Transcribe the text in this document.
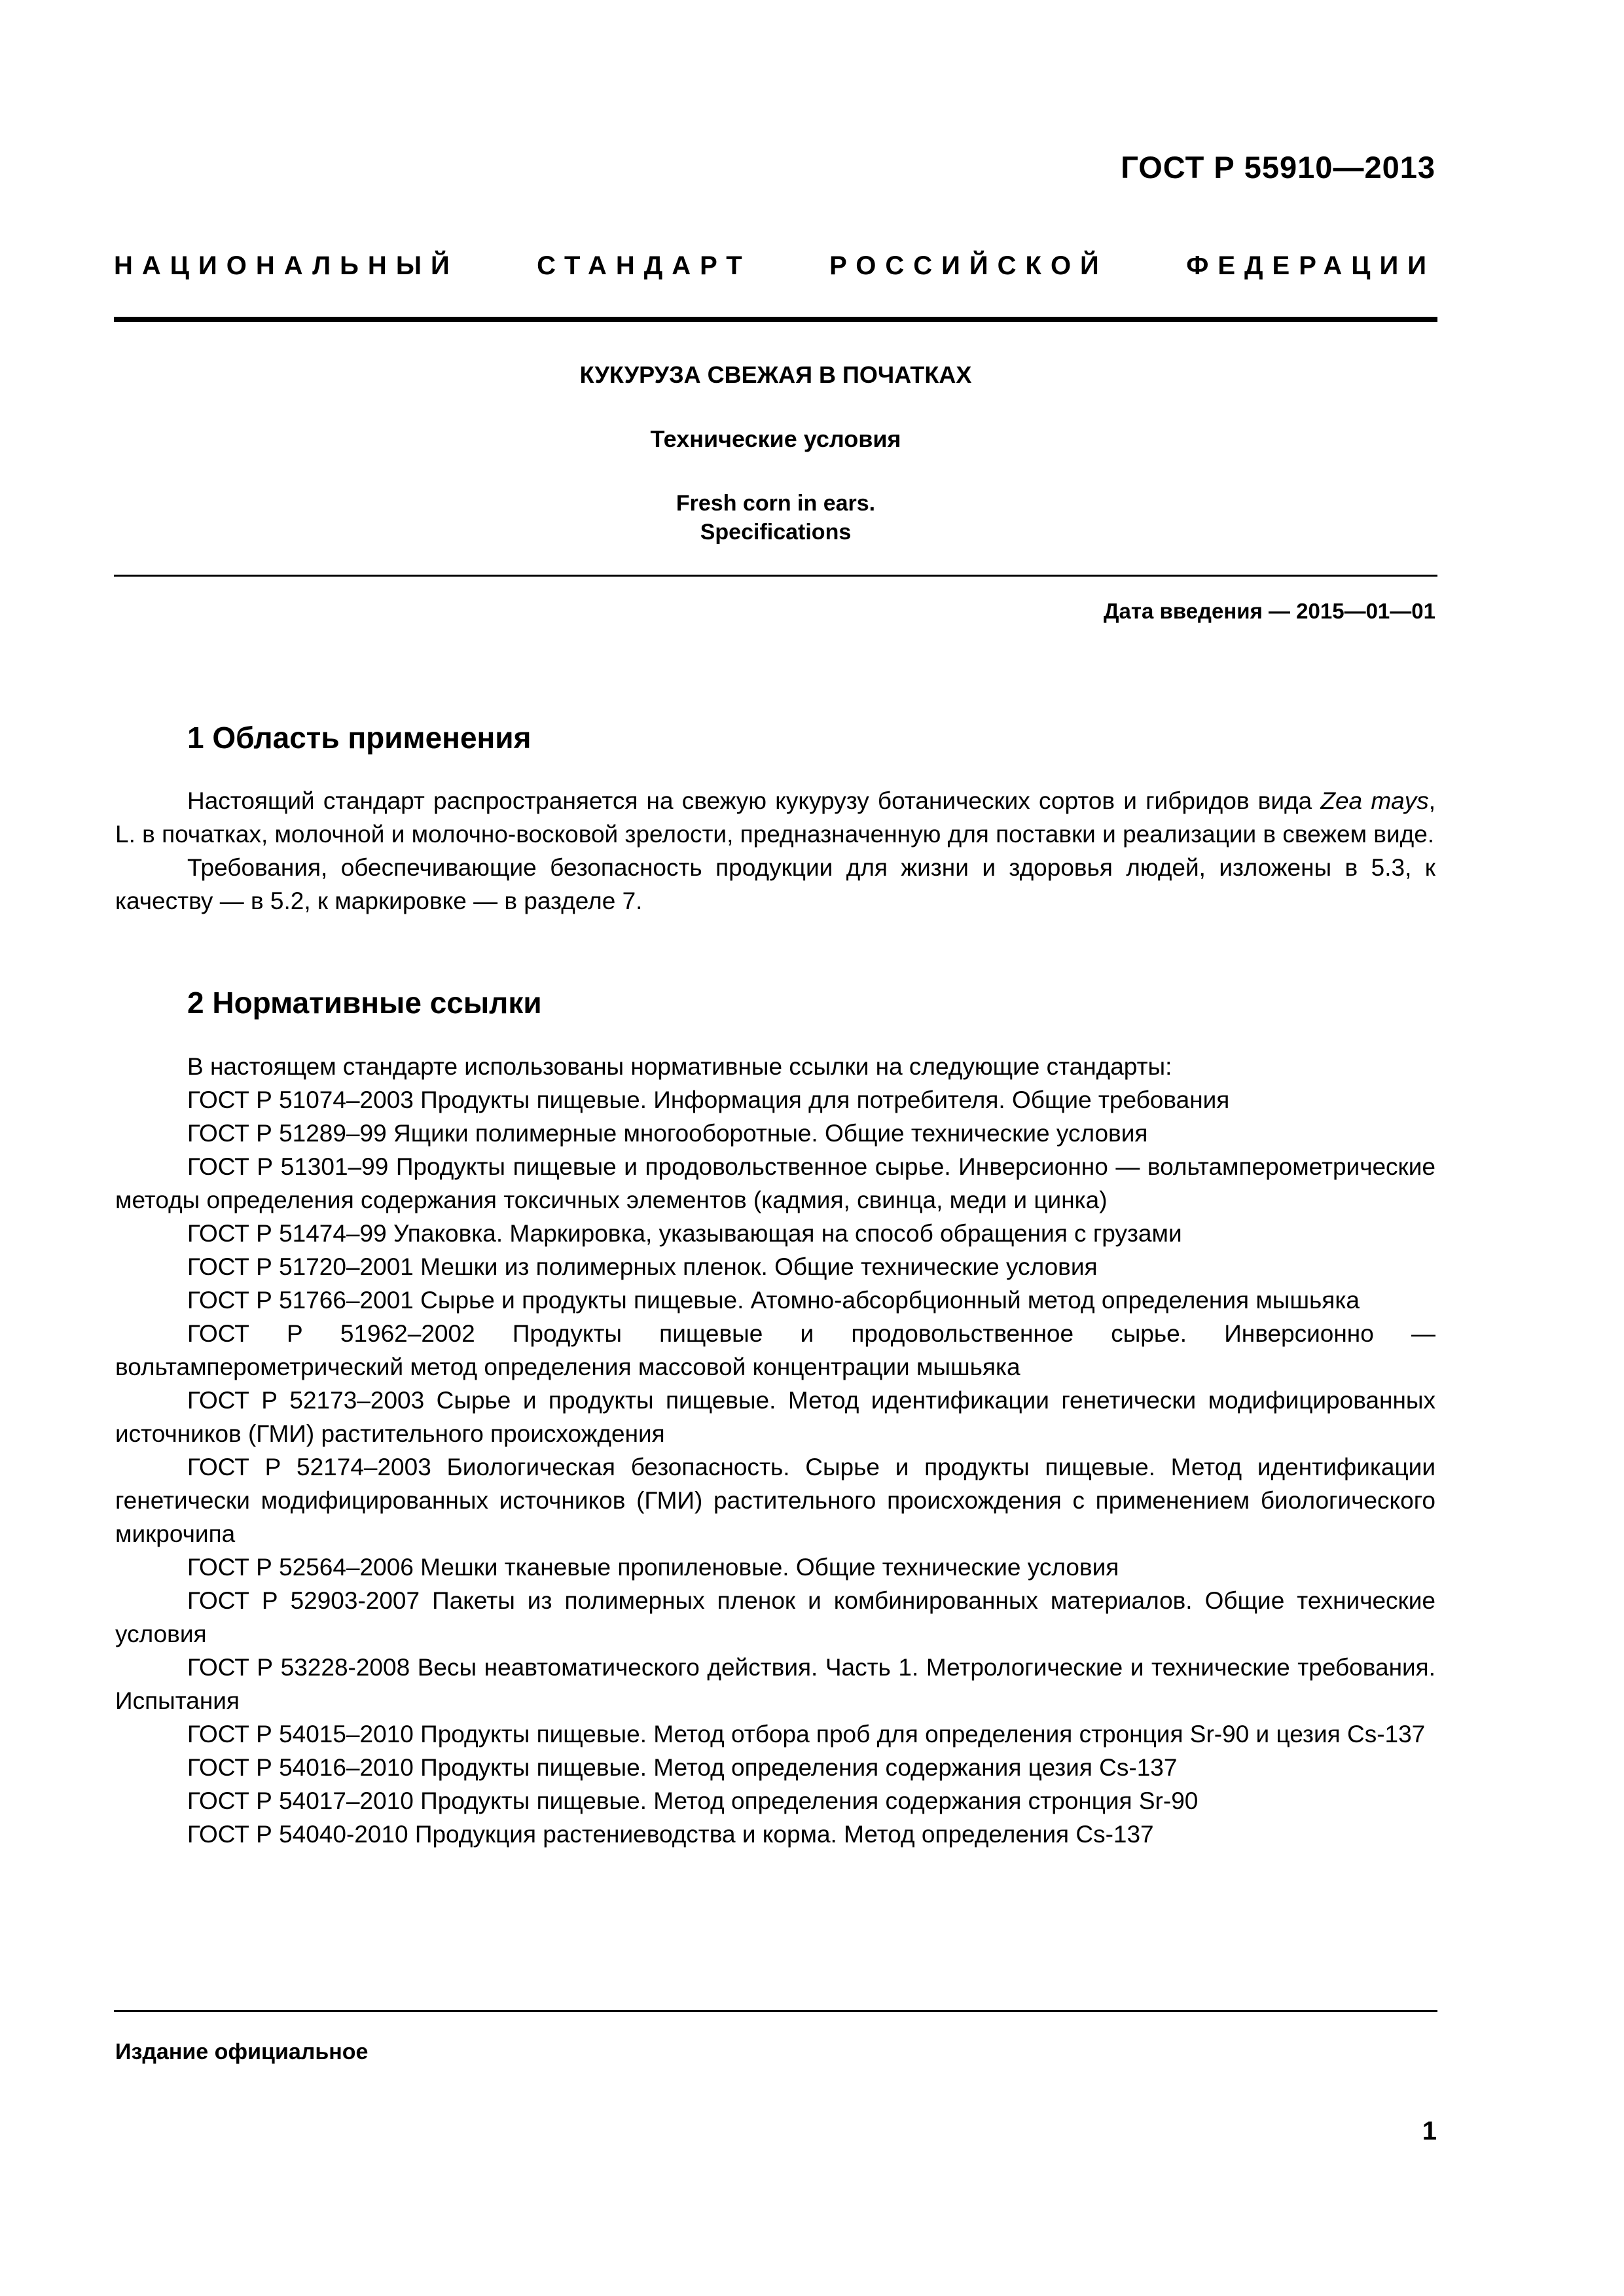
ГОСТ Р 55910—2013
НАЦИОНАЛЬНЫЙ СТАНДАРТ РОССИЙСКОЙ ФЕДЕРАЦИИ
КУКУРУЗА СВЕЖАЯ В ПОЧАТКАХ
Технические условия
Fresh corn in ears.
Specifications
Дата введения — 2015—01—01
1 Область применения

Настоящий стандарт распространяется на свежую кукурузу ботанических сортов и гибридов вида Zea mays, L. в початках, молочной и молочно-восковой зрелости, предназначенную для поставки и реализации в свежем виде.

Требования, обеспечивающие безопасность продукции для жизни и здоровья людей, изложены в 5.3, к качеству — в 5.2, к маркировке — в разделе 7.

2 Нормативные ссылки

В настоящем стандарте использованы нормативные ссылки на следующие стандарты:

ГОСТ Р 51074–2003 Продукты пищевые. Информация для потребителя. Общие требования

ГОСТ Р 51289–99 Ящики полимерные многооборотные. Общие технические условия

ГОСТ Р 51301–99 Продукты пищевые и продовольственное сырье. Инверсионно — вольтамперометрические методы определения содержания токсичных элементов (кадмия, свинца, меди и цинка)

ГОСТ Р 51474–99 Упаковка. Маркировка, указывающая на способ обращения с грузами

ГОСТ Р 51720–2001 Мешки из полимерных пленок. Общие технические условия

ГОСТ Р 51766–2001 Сырье и продукты пищевые. Атомно-абсорбционный метод определения мышьяка

ГОСТ Р 51962–2002 Продукты пищевые и продовольственное сырье. Инверсионно — вольтамперометрический метод определения массовой концентрации мышьяка

ГОСТ Р 52173–2003 Сырье и продукты пищевые. Метод идентификации генетически модифицированных источников (ГМИ) растительного происхождения

ГОСТ Р 52174–2003 Биологическая безопасность. Сырье и продукты пищевые. Метод идентификации генетически модифицированных источников (ГМИ) растительного происхождения с применением биологического микрочипа

ГОСТ Р 52564–2006 Мешки тканевые пропиленовые. Общие технические условия

ГОСТ Р 52903-2007 Пакеты из полимерных пленок и комбинированных материалов. Общие технические условия

ГОСТ Р 53228-2008 Весы неавтоматического действия. Часть 1. Метрологические и технические требования. Испытания

ГОСТ Р 54015–2010 Продукты пищевые. Метод отбора проб для определения стронция Sr-90 и цезия Cs-137

ГОСТ Р 54016–2010 Продукты пищевые. Метод определения содержания цезия Cs-137

ГОСТ Р 54017–2010 Продукты пищевые. Метод определения содержания стронция Sr-90

ГОСТ Р 54040-2010 Продукция растениеводства и корма. Метод определения Cs-137

Издание официальное
1
